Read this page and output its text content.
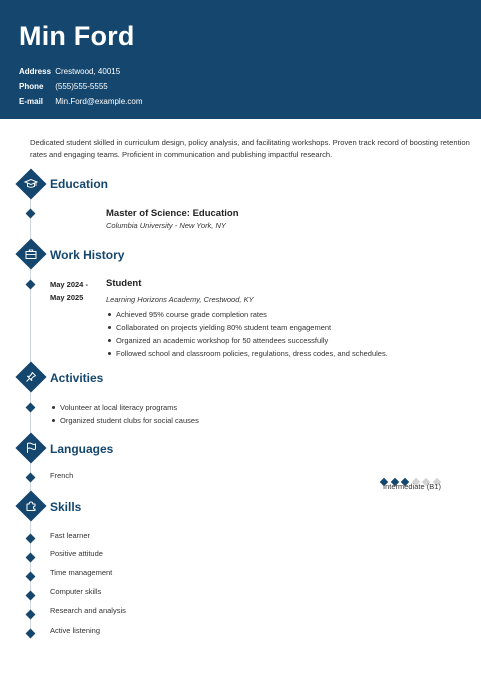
Min Ford
Address Crestwood, 40015
Phone (555)555-5555
E-mail Min.Ford@example.com
Dedicated student skilled in curriculum design, policy analysis, and facilitating workshops. Proven track record of boosting retention rates and engaging teams. Proficient in communication and publishing impactful research.
Education
Master of Science: Education
Columbia University - New York, NY
Work History
May 2024 -
May 2025
Student
Learning Horizons Academy, Crestwood, KY
Achieved 95% course grade completion rates
Collaborated on projects yielding 80% student team engagement
Organized an academic workshop for 50 attendees successfully
Followed school and classroom policies, regulations, dress codes, and schedules.
Activities
Volunteer at local literacy programs
Organized student clubs for social causes
Languages
French
Intermediate (B1)
Skills
Fast learner
Positive attitude
Time management
Computer skills
Research and analysis
Active listening
